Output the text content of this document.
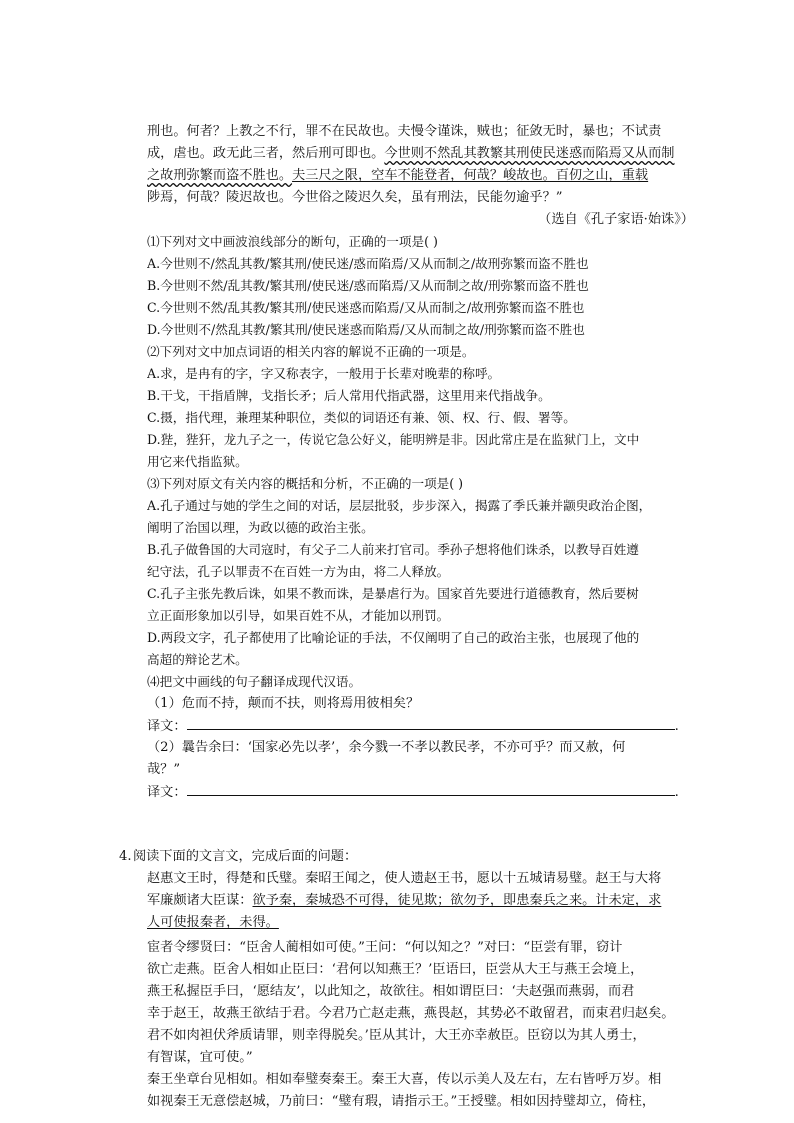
刑也。何者？上教之不行，罪不在民故也。夫慢令谨诛，贼也；征敛无时，暴也；不试责
成，虐也。政无此三者，然后刑可即也。今世则不然乱其教繁其刑使民迷惑而陷焉又从而制
之故刑弥繁而盗不胜也。夫三尺之限，空车不能登者，何哉？峻故也。百仞之山，重载
陟焉，何哉？陵迟故也。今世俗之陵迟久矣，虽有刑法，民能勿逾乎？”
（选自《孔子家语·始诛》）
⑴下列对文中画波浪线部分的断句，正确的一项是( )
A.今世则不/然乱其教/繁其刑/使民迷/惑而陷焉/又从而制之/故刑弥繁而盗不胜也
B.今世则不然/乱其教/繁其刑/使民迷/惑而陷焉/又从而制之故/刑弥繁而盗不胜也
C.今世则不然/乱其教/繁其刑/使民迷惑而陷焉/又从而制之/故刑弥繁而盗不胜也
D.今世则不/然乱其教/繁其刑/使民迷惑而陷焉/又从而制之故/刑弥繁而盗不胜也
⑵下列对文中加点词语的相关内容的解说不正确的一项是。
A.求，是冉有的字，字又称表字，一般用于长辈对晚辈的称呼。
B.干戈，干指盾牌，戈指长矛；后人常用代指武器，这里用来代指战争。
C.摄，指代理，兼理某种职位，类似的词语还有兼、领、权、行、假、署等。
D.狴，狴犴，龙九子之一，传说它急公好义，能明辨是非。因此常庄是在监狱门上，文中
用它来代指监狱。
⑶下列对原文有关内容的概括和分析，不正确的一项是( )
A.孔子通过与她的学生之间的对话，层层批驳，步步深入，揭露了季氏兼并颛臾政治企图，
阐明了治国以理，为政以德的政治主张。
B.孔子做鲁国的大司寇时，有父子二人前来打官司。季孙子想将他们诛杀，以教导百姓遵
纪守法，孔子以罪责不在百姓一方为由，将二人释放。
C.孔子主张先教后诛，如果不教而诛，是暴虐行为。国家首先要进行道德教育，然后要树
立正面形象加以引导，如果百姓不从，才能加以刑罚。
D.两段文字，孔子都使用了比喻论证的手法，不仅阐明了自己的政治主张，也展现了他的
高超的辩论艺术。
⑷把文中画线的句子翻译成现代汉语。
（1）危而不持，颠而不扶，则将焉用彼相矣？
译文：	.
（2）曩告余曰：‘国家必先以孝’，余今戮一不孝以教民孝，不亦可乎？而又赦，何
哉？”
译文：	.
4. 阅读下面的文言文，完成后面的问题：
赵惠文王时，得楚和氏璧。秦昭王闻之，使人遗赵王书，愿以十五城请易璧。赵王与大将
军廉颇诸大臣谋：欲予秦，秦城恐不可得，徒见欺；欲勿予，即患秦兵之来。计未定，求
人可使报秦者，未得。
宦者令缪贤曰：“臣舍人蔺相如可使。”王问：“何以知之？”对曰：“臣尝有罪，窃计
欲亡走燕。臣舍人相如止臣曰：‘君何以知燕王？’臣语曰，臣尝从大王与燕王会境上，
燕王私握臣手曰，‘愿结友’，以此知之，故欲往。相如谓臣曰：‘夫赵强而燕弱，而君
幸于赵王，故燕王欲结于君。今君乃亡赵走燕，燕畏赵，其势必不敢留君，而束君归赵矣。
君不如肉袒伏斧质请罪，则幸得脱矣。’臣从其计，大王亦幸赦臣。臣窃以为其人勇士，
有智谋，宜可使。”
秦王坐章台见相如。相如奉璧奏秦王。秦王大喜，传以示美人及左右，左右皆呼万岁。相
如视秦王无意偿赵城，乃前曰：“璧有瑕，请指示王。”王授璧。相如因持璧却立，倚柱，
